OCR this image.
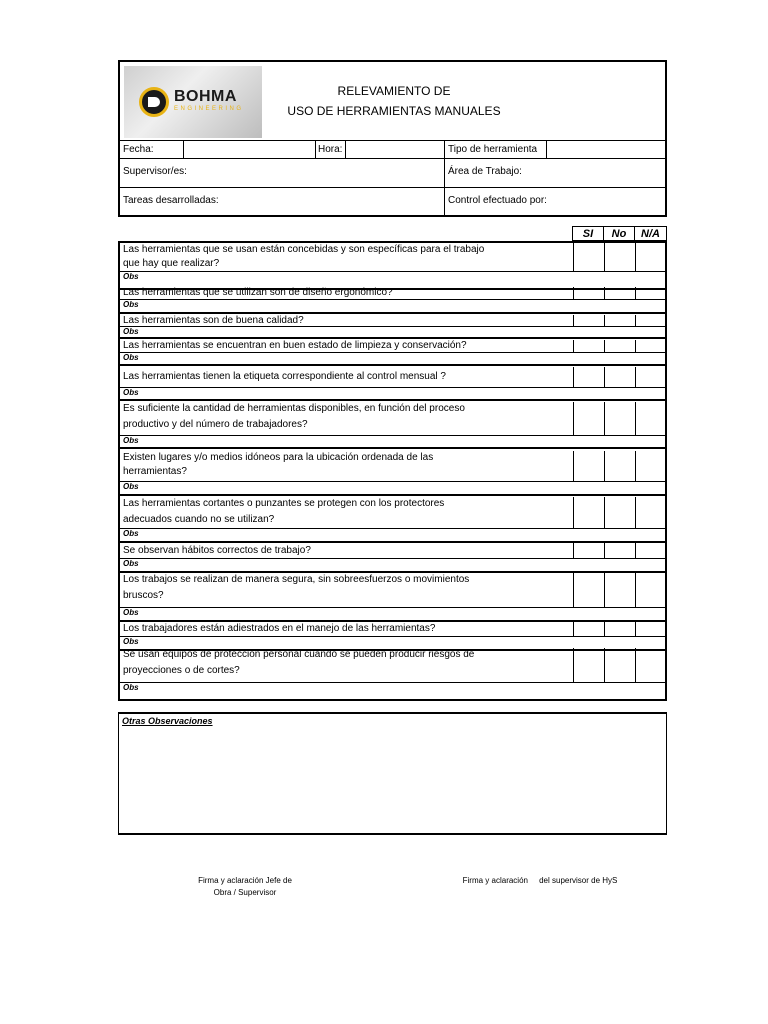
BOHMA
ENGINEERING
RELEVAMIENTO DE
USO DE HERRAMIENTAS MANUALES
Fecha:	Hora:	Tipo de herramienta
Supervisor/es:	Área de Trabajo:
Tareas desarrolladas:	Control efectuado por:
SI	No	N/A
Las herramientas que se usan están concebidas y son específicas para el trabajo
que hay que realizar?
Obs
Las herramientas que se utilizan son de diseño ergonómico?
Obs
Las herramientas son de buena calidad?
Obs
Las herramientas se encuentran en buen estado de limpieza y conservación?
Obs
Las herramientas tienen la etiqueta correspondiente al control mensual ?
Obs
Es suficiente la cantidad de herramientas disponibles, en función del proceso
productivo y del número de trabajadores?
Obs
Existen lugares y/o medios idóneos para la ubicación ordenada de las
herramientas?
Obs
Las herramientas cortantes o punzantes se protegen con los protectores
adecuados cuando no se utilizan?
Obs
Se observan hábitos correctos de trabajo?
Obs
Los trabajos se realizan de manera segura, sin sobreesfuerzos o movimientos
bruscos?
Obs
Los trabajadores están adiestrados en el manejo de las herramientas?
Obs
Se usan equipos de protección personal cuando se pueden producir riesgos de
proyecciones o de cortes?
Obs
Otras Observaciones
Firma y aclaración Jefe de
Obra / Supervisor
Firma y aclaración     del supervisor de HyS
